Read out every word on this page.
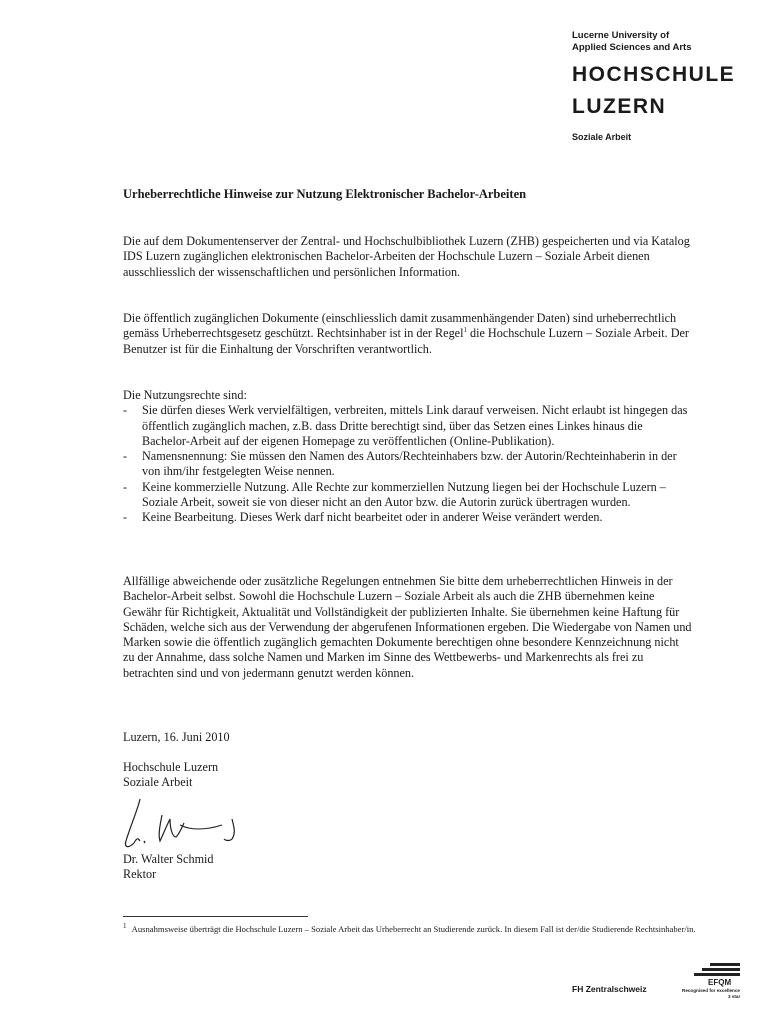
Lucerne University of
Applied Sciences and Arts
HOCHSCHULE
LUZERN
Soziale Arbeit
Urheberrechtliche Hinweise zur Nutzung Elektronischer Bachelor-Arbeiten

Die auf dem Dokumentenserver der Zentral- und Hochschulbibliothek Luzern (ZHB) gespeicherten und via Katalog IDS Luzern zugänglichen elektronischen Bachelor-Arbeiten der Hochschule Luzern – Soziale Arbeit dienen ausschliesslich der wissenschaftlichen und persönlichen Information.

Die öffentlich zugänglichen Dokumente (einschliesslich damit zusammenhängender Daten) sind urheberrechtlich gemäss Urheberrechtsgesetz geschützt. Rechtsinhaber ist in der Regel$^1$ die Hochschule Luzern – Soziale Arbeit. Der Benutzer ist für die Einhaltung der Vorschriften verantwortlich.

Die Nutzungsrechte sind:

- Sie dürfen dieses Werk vervielfältigen, verbreiten, mittels Link darauf verweisen. Nicht erlaubt ist hingegen das öffentlich zugänglich machen, z.B. dass Dritte berechtigt sind, über das Setzen eines Linkes hinaus die Bachelor-Arbeit auf der eigenen Homepage zu veröffentlichen (Online-Publikation).
- Namensnennung: Sie müssen den Namen des Autors/Rechteinhabers bzw. der Autorin/Rechteinhaberin in der von ihm/ihr festgelegten Weise nennen.
- Keine kommerzielle Nutzung. Alle Rechte zur kommerziellen Nutzung liegen bei der Hochschule Luzern – Soziale Arbeit, soweit sie von dieser nicht an den Autor bzw. die Autorin zurück übertragen wurden.
- Keine Bearbeitung. Dieses Werk darf nicht bearbeitet oder in anderer Weise verändert werden.

Allfällige abweichende oder zusätzliche Regelungen entnehmen Sie bitte dem urheberrechtlichen Hinweis in der Bachelor-Arbeit selbst. Sowohl die Hochschule Luzern – Soziale Arbeit als auch die ZHB übernehmen keine Gewähr für Richtigkeit, Aktualität und Vollständigkeit der publizierten Inhalte. Sie übernehmen keine Haftung für Schäden, welche sich aus der Verwendung der abgerufenen Informationen ergeben. Die Wiedergabe von Namen und Marken sowie die öffentlich zugänglich gemachten Dokumente berechtigen ohne besondere Kennzeichnung nicht zu der Annahme, dass solche Namen und Marken im Sinne des Wettbewerbs- und Markenrechts als frei zu betrachten sind und von jedermann genutzt werden können.

Luzern, 16. Juni 2010

Hochschule Luzern

Soziale Arbeit

Dr. Walter Schmid

Rektor

$^1$ Ausnahmsweise überträgt die Hochschule Luzern – Soziale Arbeit das Urheberrecht an Studierende zurück. In diesem Fall ist der/die Studierende Rechtsinhaber/in.
FH Zentralschweiz
EFQM
Recognised for excellence
3 star
